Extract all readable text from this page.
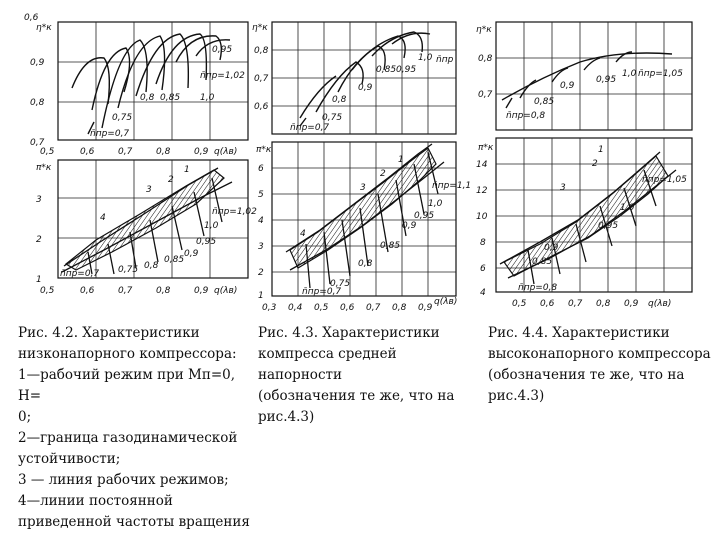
η*к
0,9
0,8
0,7
0,6
0,5	0,6	0,7	0,8	0,9 q(λв)
0,95
n̄пр=1,02
0,8 0,85 1,0
0,75
n̄пр=0,7
π*к
3
2
1
0,5	0,6	0,7	0,8	0,9 q(λв)
1
2
3
4
n̄пр=1,02
1,0
0,95
0,9
0,85
0,8
0,75
n̄пр=0,7
η*к
0,8
0,7
0,6
0,9
0,95
1,0
0,85
0,8
n̄пр
0,75
n̄пр=0,7
π*к
6
5
4
3
2
1
0,3 0,4 0,5 0,6 0,7 0,8 0,9
q(λв)
1
2
3	n̄пр=1,1
1,0
0,95
0,9
0,85
0,8
0,75
n̄пр=0,7
4
η*к
0,8
0,7
1,0 n̄пр=1,05
0,95
0,9
0,85
n̄пр=0,8
π*к
14
12
10
8
6
4
0,5 0,6 0,7 0,8 0,9 q(λв)
1
2
3
n̄пр=1,05
1,0
0,95
0,9
0,85
n̄пр=0,8
Рис. 4.2. Характеристики
низконапорного компрессора:
1—рабочий режим при Мп=0, Н=
0;
2—граница газодинамической
устойчивости;
3 — линия рабочих режимов;
4—линии постоянной
приведенной частоты вращения
Рис. 4.3. Характеристики
компресса средней напорности
(обозначения те же, что на
рис.4.3)
Рис. 4.4. Характеристики
высоконапорного компрессора
(обозначения те же, что на
рис.4.3)
